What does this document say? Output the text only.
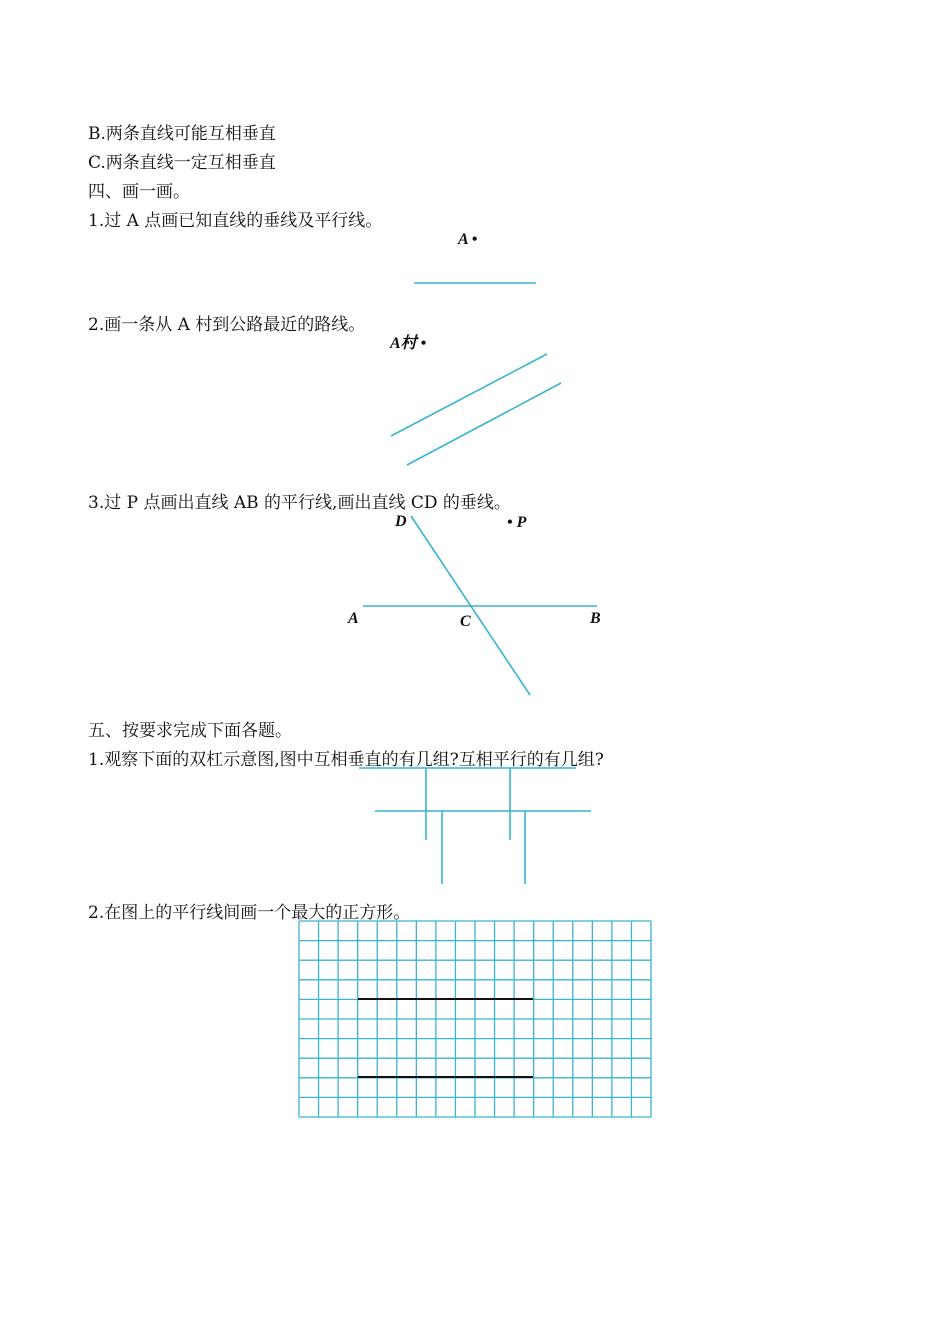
B.两条直线可能互相垂直
C.两条直线一定互相垂直
四、画一画。
1.过 A 点画已知直线的垂线及平行线。
2.画一条从 A 村到公路最近的路线。
3.过 P 点画出直线 AB 的平行线,画出直线 CD 的垂线。
五、按要求完成下面各题。
1.观察下面的双杠示意图,图中互相垂直的有几组?互相平行的有几组?
2.在图上的平行线间画一个最大的正方形。
A •
A村 •
D	• P
A	C	B
